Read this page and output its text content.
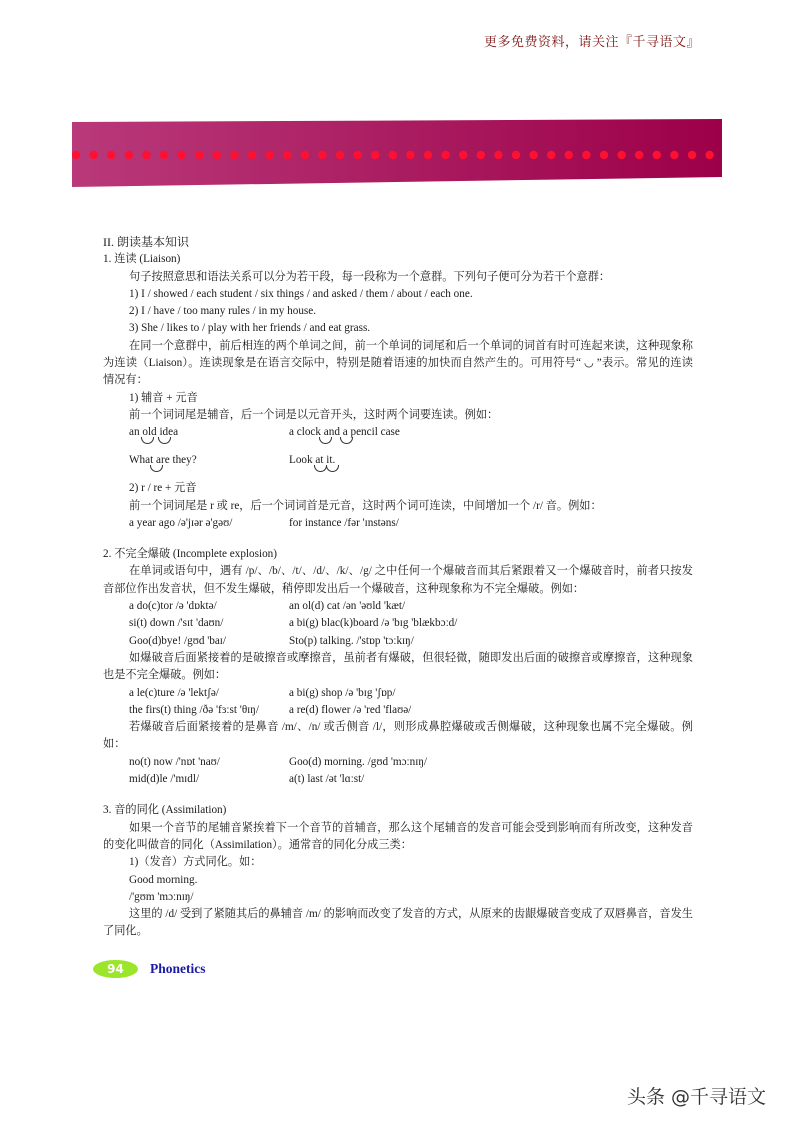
更多免费资料，请关注『千寻语文』
II. 朗读基本知识
1. 连读 (Liaison)
句子按照意思和语法关系可以分为若干段，每一段称为一个意群。下列句子便可分为若干个意群：
1) I / showed / each student / six things / and asked / them / about / each one.
2) I / have / too many rules / in my house.
3) She / likes to / play with her friends / and eat grass.
在同一个意群中，前后相连的两个单词之间，前一个单词的词尾和后一个单词的词首有时可连起来读，这种现象称为连读（Liaison）。连读现象是在语言交际中，特别是随着语速的加快而自然产生的。可用符号“ ◡ ”表示。常见的连读情况有：
1) 辅音 + 元音
前一个词词尾是辅音，后一个词是以元音开头，这时两个词要连读。例如：
an old idea	a clock and a pencil case
What are they?	Look at it.
2) r / re + 元音
前一个词词尾是 r 或 re，后一个词词首是元音，这时两个词可连读，中间增加一个 /r/ 音。例如：
a year ago /ə'jɪər ə'gəʊ/	for instance /fər 'ɪnstəns/
2. 不完全爆破 (Incomplete explosion)
在单词或语句中，遇有 /p/、/b/、/t/、/d/、/k/、/g/ 之中任何一个爆破音而其后紧跟着又一个爆破音时，前者只按发音部位作出发音状，但不发生爆破，稍停即发出后一个爆破音，这种现象称为不完全爆破。例如：
a do(c)tor /ə 'dɒktə/	an ol(d) cat /ən 'əʊld 'kæt/
si(t) down /'sɪt 'daʊn/	a bi(g) blac(k)board /ə 'bɪg 'blækbɔːd/
Goo(d)bye! /gʊd 'baɪ/	Sto(p) talking. /'stɒp 'tɔːkɪŋ/
如爆破音后面紧接着的是破擦音或摩擦音，虽前者有爆破，但很轻微，随即发出后面的破擦音或摩擦音，这种现象也是不完全爆破。例如：
a le(c)ture /ə 'lektʃə/	a bi(g) shop /ə 'bɪg 'ʃɒp/
the firs(t) thing /ðə 'fɜːst 'θɪŋ/	a re(d) flower /ə 'red 'flaʊə/
若爆破音后面紧接着的是鼻音 /m/、/n/ 或舌侧音 /l/，则形成鼻腔爆破或舌侧爆破，这种现象也属不完全爆破。例如：
no(t) now /'nɒt 'naʊ/	Goo(d) morning. /gʊd 'mɔːnɪŋ/
mid(d)le /'mɪdl/	a(t) last /ət 'lɑːst/
3. 音的同化 (Assimilation)
如果一个音节的尾辅音紧挨着下一个音节的首辅音，那么这个尾辅音的发音可能会受到影响而有所改变，这种发音的变化叫做音的同化（Assimilation）。通常音的同化分成三类：
1)（发音）方式同化。如：
Good morning.
/'gʊm 'mɔːnɪŋ/
这里的 /d/ 受到了紧随其后的鼻辅音 /m/ 的影响而改变了发音的方式，从原来的齿龈爆破音变成了双唇鼻音，音发生了同化。
94	Phonetics
头条 @千寻语文
